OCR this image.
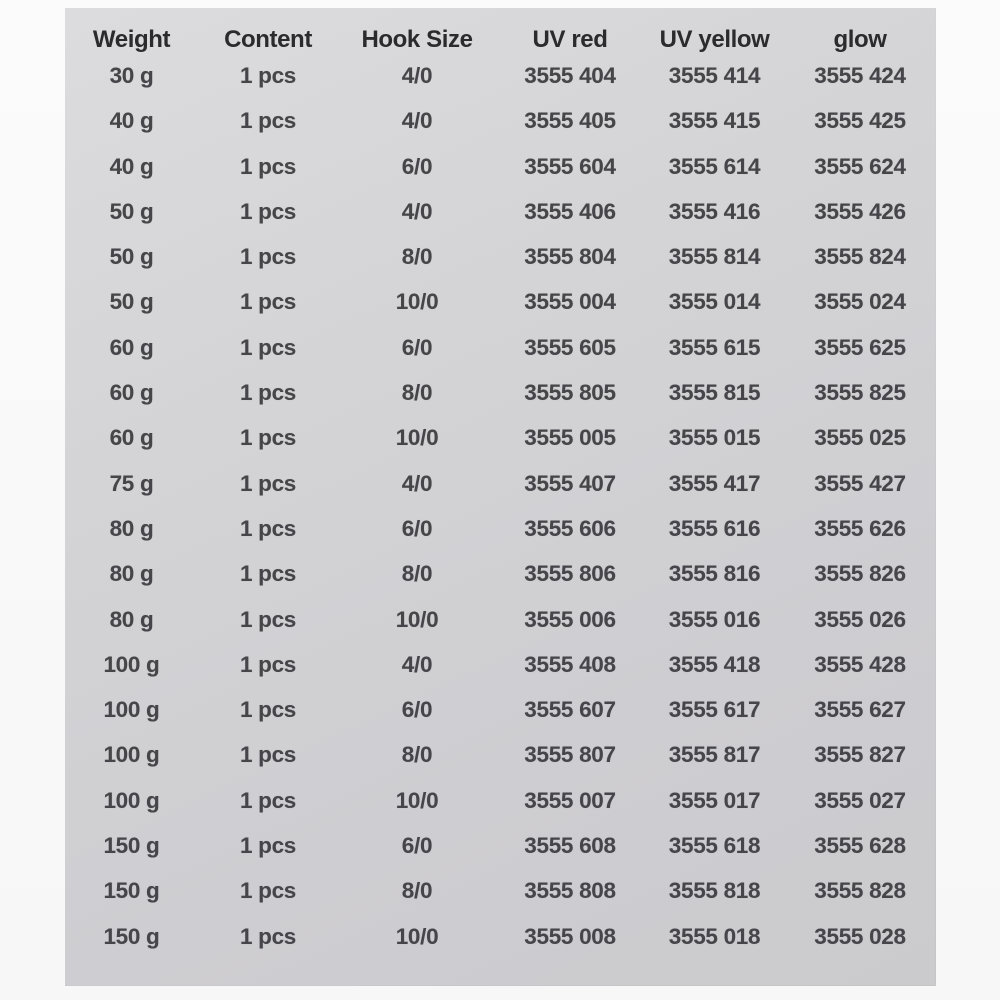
Weight	Content	Hook Size	UV red	UV yellow	glow
30 g	1 pcs	4/0	3555 404	3555 414	3555 424
40 g	1 pcs	4/0	3555 405	3555 415	3555 425
40 g	1 pcs	6/0	3555 604	3555 614	3555 624
50 g	1 pcs	4/0	3555 406	3555 416	3555 426
50 g	1 pcs	8/0	3555 804	3555 814	3555 824
50 g	1 pcs	10/0	3555 004	3555 014	3555 024
60 g	1 pcs	6/0	3555 605	3555 615	3555 625
60 g	1 pcs	8/0	3555 805	3555 815	3555 825
60 g	1 pcs	10/0	3555 005	3555 015	3555 025
75 g	1 pcs	4/0	3555 407	3555 417	3555 427
80 g	1 pcs	6/0	3555 606	3555 616	3555 626
80 g	1 pcs	8/0	3555 806	3555 816	3555 826
80 g	1 pcs	10/0	3555 006	3555 016	3555 026
100 g	1 pcs	4/0	3555 408	3555 418	3555 428
100 g	1 pcs	6/0	3555 607	3555 617	3555 627
100 g	1 pcs	8/0	3555 807	3555 817	3555 827
100 g	1 pcs	10/0	3555 007	3555 017	3555 027
150 g	1 pcs	6/0	3555 608	3555 618	3555 628
150 g	1 pcs	8/0	3555 808	3555 818	3555 828
150 g	1 pcs	10/0	3555 008	3555 018	3555 028
